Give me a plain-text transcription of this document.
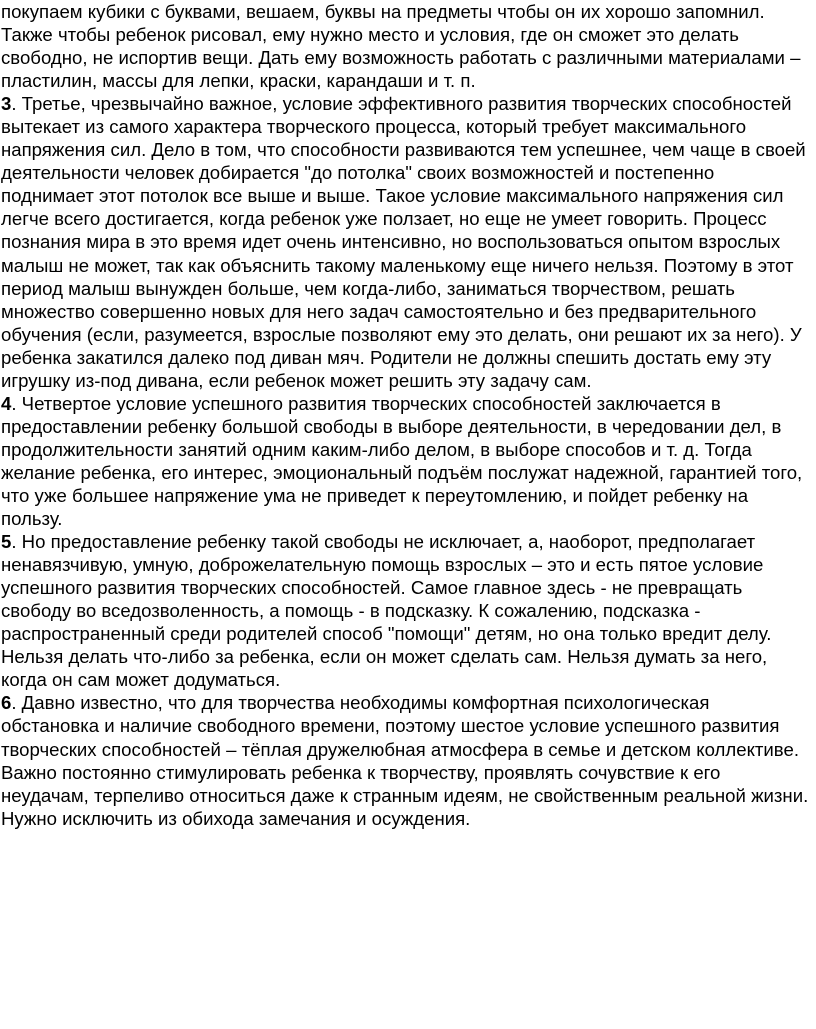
покупаем кубики с буквами, вешаем, буквы на предметы чтобы он их хорошо запомнил. Также чтобы ребенок рисовал, ему нужно место и условия, где он сможет это делать свободно, не испортив вещи. Дать ему возможность работать с различными материалами – пластилин, массы для лепки, краски, карандаши и т. п.
3. Третье, чрезвычайно важное, условие эффективного развития творческих способностей вытекает из самого характера творческого процесса, который требует максимального напряжения сил. Дело в том, что способности развиваются тем успешнее, чем чаще в своей деятельности человек добирается "до потолка" своих возможностей и постепенно поднимает этот потолок все выше и выше. Такое условие максимального напряжения сил легче всего достигается, когда ребенок уже ползает, но еще не умеет говорить. Процесс познания мира в это время идет очень интенсивно, но воспользоваться опытом взрослых малыш не может, так как объяснить такому маленькому еще ничего нельзя. Поэтому в этот период малыш вынужден больше, чем когда-либо, заниматься творчеством, решать множество совершенно новых для него задач самостоятельно и без предварительного обучения (если, разумеется, взрослые позволяют ему это делать, они решают их за него). У ребенка закатился далеко под диван мяч. Родители не должны спешить достать ему эту игрушку из-под дивана, если ребенок может решить эту задачу сам.
4. Четвертое условие успешного развития творческих способностей заключается в предоставлении ребенку большой свободы в выборе деятельности, в чередовании дел, в продолжительности занятий одним каким-либо делом, в выборе способов и т. д. Тогда желание ребенка, его интерес, эмоциональный подъём послужат надежной, гарантией того, что уже большее напряжение ума не приведет к переутомлению, и пойдет ребенку на пользу.
5. Но предоставление ребенку такой свободы не исключает, а, наоборот, предполагает ненавязчивую, умную, доброжелательную помощь взрослых – это и есть пятое условие успешного развития творческих способностей. Самое главное здесь - не превращать свободу во вседозволенность, а помощь - в подсказку. К сожалению, подсказка - распространенный среди родителей способ "помощи" детям, но она только вредит делу. Нельзя делать что-либо за ребенка, если он может сделать сам. Нельзя думать за него, когда он сам может додуматься.
6. Давно известно, что для творчества необходимы комфортная психологическая обстановка и наличие свободного времени, поэтому шестое условие успешного развития творческих способностей – тёплая дружелюбная атмосфера в семье и детском коллективе. Важно постоянно стимулировать ребенка к творчеству, проявлять сочувствие к его неудачам, терпеливо относиться даже к странным идеям, не свойственным реальной жизни. Нужно исключить из обихода замечания и осуждения.
